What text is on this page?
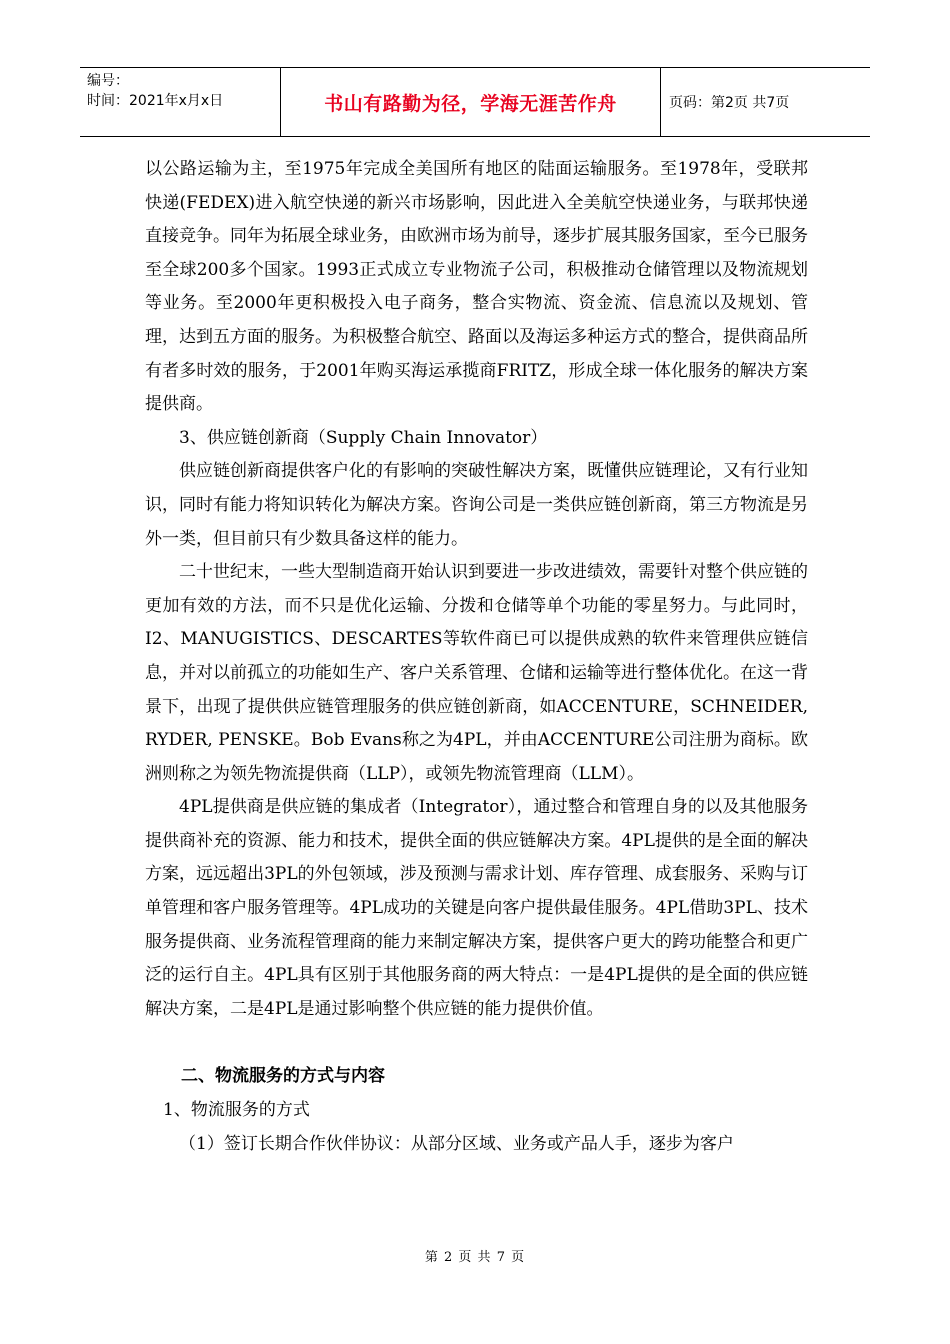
编号：
时间：2021年x月x日	书山有路勤为径，学海无涯苦作舟	页码：第2页 共7页

以公路运输为主，至1975年完成全美国所有地区的陆面运输服务。至1978年，受联邦快递(FEDEX)进入航空快递的新兴市场影响，因此进入全美航空快递业务，与联邦快递直接竞争。同年为拓展全球业务，由欧洲市场为前导，逐步扩展其服务国家，至今已服务至全球200多个国家。1993正式成立专业物流子公司，积极推动仓储管理以及物流规划等业务。至2000年更积极投入电子商务，整合实物流、资金流、信息流以及规划、管理，达到五方面的服务。为积极整合航空、路面以及海运多种运方式的整合，提供商品所有者多时效的服务，于2001年购买海运承揽商FRITZ，形成全球一体化服务的解决方案提供商。

3、供应链创新商（Supply Chain Innovator）

供应链创新商提供客户化的有影响的突破性解决方案，既懂供应链理论，又有行业知识，同时有能力将知识转化为解决方案。咨询公司是一类供应链创新商，第三方物流是另外一类，但目前只有少数具备这样的能力。

二十世纪末，一些大型制造商开始认识到要进一步改进绩效，需要针对整个供应链的更加有效的方法，而不只是优化运输、分拨和仓储等单个功能的零星努力。与此同时，I2、MANUGISTICS、DESCARTES等软件商已可以提供成熟的软件来管理供应链信息，并对以前孤立的功能如生产、客户关系管理、仓储和运输等进行整体优化。在这一背景下，出现了提供供应链管理服务的供应链创新商，如ACCENTURE，SCHNEIDER, RYDER, PENSKE。Bob Evans称之为4PL，并由ACCENTURE公司注册为商标。欧洲则称之为领先物流提供商（LLP），或领先物流管理商（LLM）。

4PL提供商是供应链的集成者（Integrator），通过整合和管理自身的以及其他服务提供商补充的资源、能力和技术，提供全面的供应链解决方案。4PL提供的是全面的解决方案，远远超出3PL的外包领域，涉及预测与需求计划、库存管理、成套服务、采购与订单管理和客户服务管理等。4PL成功的关键是向客户提供最佳服务。4PL借助3PL、技术服务提供商、业务流程管理商的能力来制定解决方案，提供客户更大的跨功能整合和更广泛的运行自主。4PL具有区别于其他服务商的两大特点：一是4PL提供的是全面的供应链解决方案，二是4PL是通过影响整个供应链的能力提供价值。

二、物流服务的方式与内容

1、物流服务的方式

（1）签订长期合作伙伴协议：从部分区域、业务或产品人手，逐步为客户

第 2 页 共 7 页
